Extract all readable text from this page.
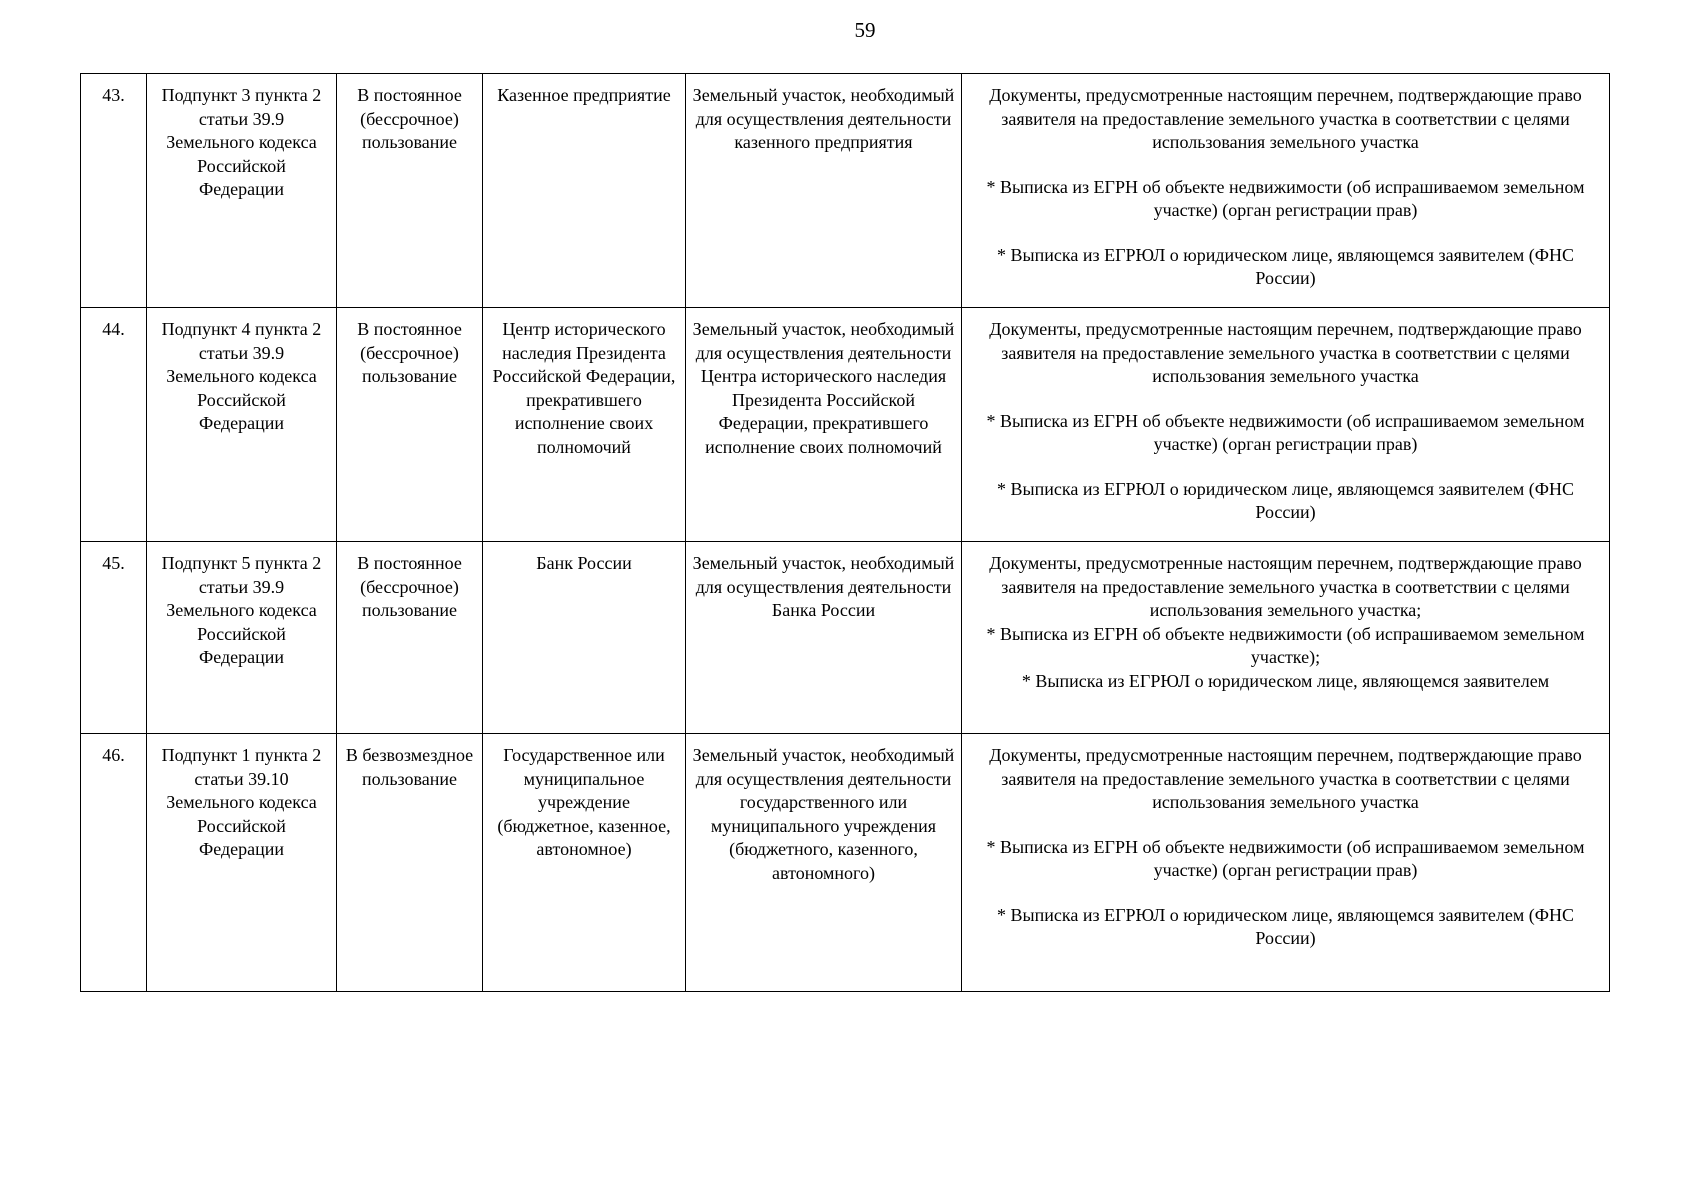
59
43.	Подпункт 3 пункта 2 статьи 39.9 Земельного кодекса Российской Федерации	В постоянное (бессрочное) пользование	Казенное предприятие	Земельный участок, необходимый для осуществления деятельности казенного предприятия	Документы, предусмотренные настоящим перечнем, подтверждающие право заявителя на предоставление земельного участка в соответствии с целями использования земельного участка
* Выписка из ЕГРН об объекте недвижимости (об испрашиваемом земельном участке) (орган регистрации прав)
* Выписка из ЕГРЮЛ о юридическом лице, являющемся заявителем (ФНС России)

44.	Подпункт 4 пункта 2 статьи 39.9 Земельного кодекса Российской Федерации	В постоянное (бессрочное) пользование	Центр исторического наследия Президента Российской Федерации, прекратившего исполнение своих полномочий	Земельный участок, необходимый для осуществления деятельности Центра исторического наследия Президента Российской Федерации, прекратившего исполнение своих полномочий	Документы, предусмотренные настоящим перечнем, подтверждающие право заявителя на предоставление земельного участка в соответствии с целями использования земельного участка
* Выписка из ЕГРН об объекте недвижимости (об испрашиваемом земельном участке) (орган регистрации прав)
* Выписка из ЕГРЮЛ о юридическом лице, являющемся заявителем (ФНС России)

45.	Подпункт 5 пункта 2 статьи 39.9 Земельного кодекса Российской Федерации	В постоянное (бессрочное) пользование	Банк России	Земельный участок, необходимый для осуществления деятельности Банка России	Документы, предусмотренные настоящим перечнем, подтверждающие право заявителя на предоставление земельного участка в соответствии с целями использования земельного участка;
* Выписка из ЕГРН об объекте недвижимости (об испрашиваемом земельном участке);
* Выписка из ЕГРЮЛ о юридическом лице, являющемся заявителем

46.	Подпункт 1 пункта 2 статьи 39.10 Земельного кодекса Российской Федерации	В безвозмездное пользование	Государственное или муниципальное учреждение (бюджетное, казенное, автономное)	Земельный участок, необходимый для осуществления деятельности государственного или муниципального учреждения (бюджетного, казенного, автономного)	Документы, предусмотренные настоящим перечнем, подтверждающие право заявителя на предоставление земельного участка в соответствии с целями использования земельного участка
* Выписка из ЕГРН об объекте недвижимости (об испрашиваемом земельном участке) (орган регистрации прав)
* Выписка из ЕГРЮЛ о юридическом лице, являющемся заявителем (ФНС России)
